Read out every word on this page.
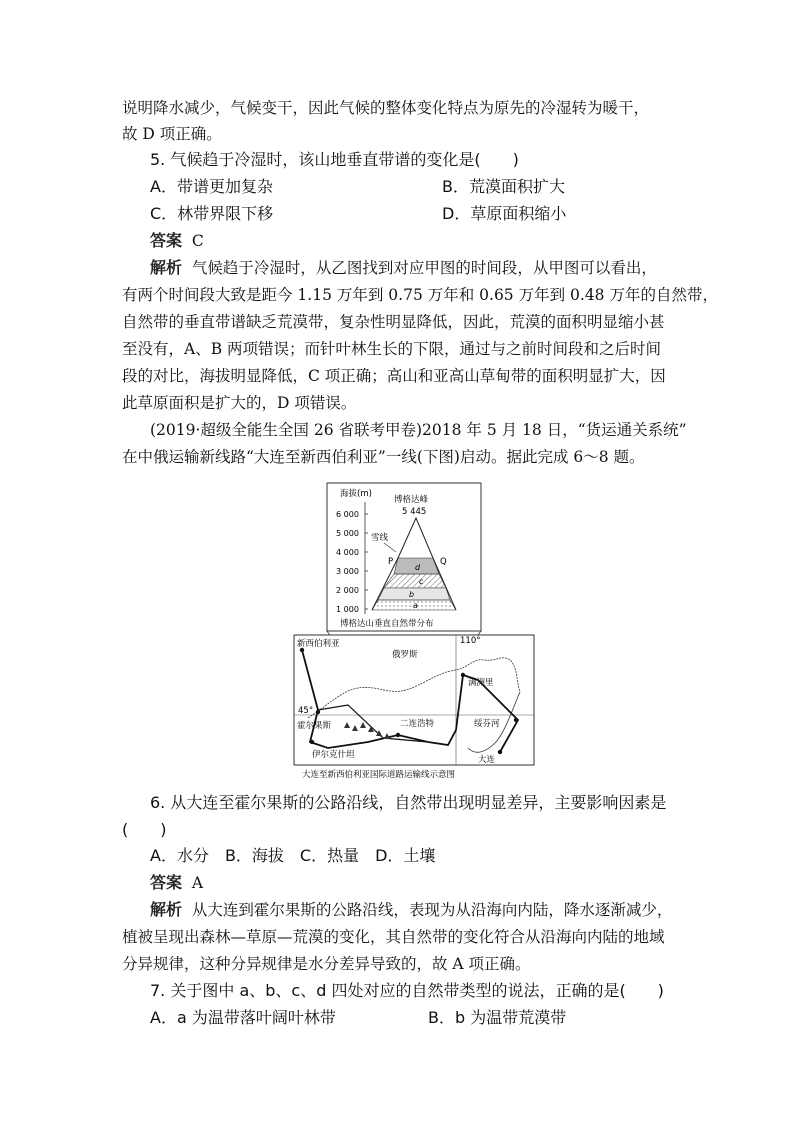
说明降水减少，气候变干，因此气候的整体变化特点为原先的冷湿转为暖干，
故 D 项正确。
5. 气候趋于冷湿时，该山地垂直带谱的变化是(　　)
A．带谱更加复杂	B．荒漠面积扩大
C．林带界限下移	D．草原面积缩小
答案 C
解析 气候趋于冷湿时，从乙图找到对应甲图的时间段，从甲图可以看出，
有两个时间段大致是距今 1.15 万年到 0.75 万年和 0.65 万年到 0.48 万年的自然带，
自然带的垂直带谱缺乏荒漠带，复杂性明显降低，因此，荒漠的面积明显缩小甚
至没有，A、B 两项错误；而针叶林生长的下限，通过与之前时间段和之后时间
段的对比，海拔明显降低，C 项正确；高山和亚高山草甸带的面积明显扩大，因
此草原面积是扩大的，D 项错误。
(2019·超级全能生全国 26 省联考甲卷)2018 年 5 月 18 日，“货运通关系统”
在中俄运输新线路“大连至新西伯利亚”一线(下图)启动。据此完成 6～8 题。
海拔(m)
6 000
5 000
4 000
3 000
2 000
1 000
博格达峰
5 445
雪线
P	Q
d
c
b
a
博格达山垂直自然带分布
新西伯利亚
俄罗斯
110°
45°
满洲里
霍尔果斯	二连浩特	绥芬河
伊尔克什坦	大连
大连至新西伯利亚国际道路运输线示意图
6. 从大连至霍尔果斯的公路沿线，自然带出现明显差异，主要影响因素是
(　　)
A．水分　B．海拔　C．热量　D．土壤
答案 A
解析 从大连到霍尔果斯的公路沿线，表现为从沿海向内陆，降水逐渐减少，
植被呈现出森林—草原—荒漠的变化，其自然带的变化符合从沿海向内陆的地域
分异规律，这种分异规律是水分差异导致的，故 A 项正确。
7. 关于图中 a、b、c、d 四处对应的自然带类型的说法，正确的是(　　)
A．a 为温带落叶阔叶林带	B．b 为温带荒漠带
